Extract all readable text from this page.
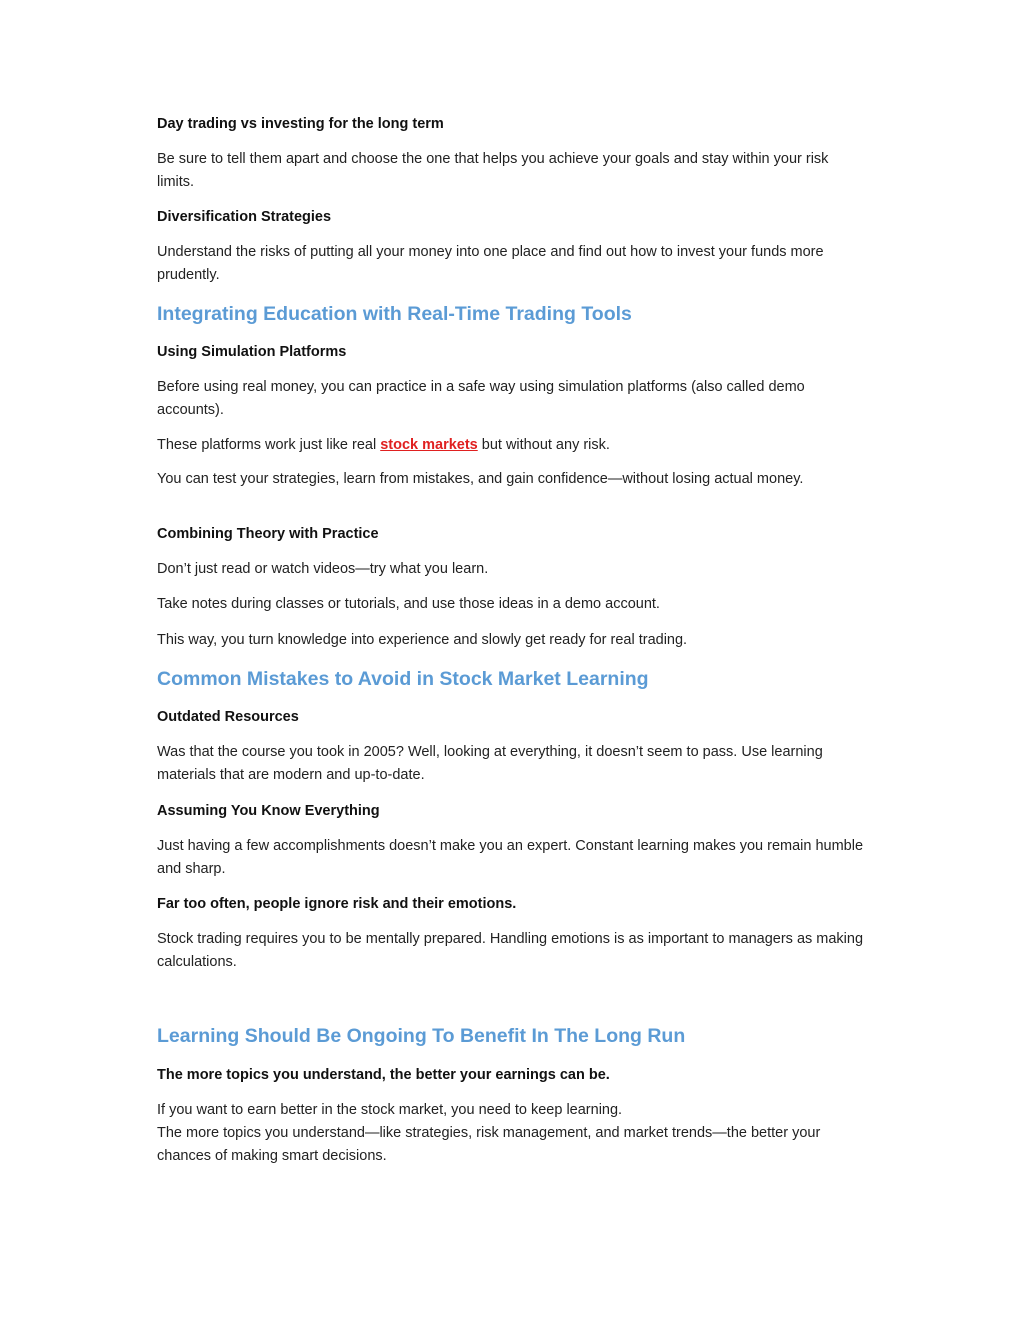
Day trading vs investing for the long term

Be sure to tell them apart and choose the one that helps you achieve your goals and stay within your risk limits.

Diversification Strategies

Understand the risks of putting all your money into one place and find out how to invest your funds more prudently.

Integrating Education with Real-Time Trading Tools

Using Simulation Platforms

Before using real money, you can practice in a safe way using simulation platforms (also called demo accounts).

These platforms work just like real stock markets but without any risk.

You can test your strategies, learn from mistakes, and gain confidence—without losing actual money.

Combining Theory with Practice

Don’t just read or watch videos—try what you learn.

Take notes during classes or tutorials, and use those ideas in a demo account.

This way, you turn knowledge into experience and slowly get ready for real trading.

Common Mistakes to Avoid in Stock Market Learning

Outdated Resources

Was that the course you took in 2005? Well, looking at everything, it doesn’t seem to pass. Use learning materials that are modern and up-to-date.

Assuming You Know Everything

Just having a few accomplishments doesn’t make you an expert. Constant learning makes you remain humble and sharp.

Far too often, people ignore risk and their emotions.

Stock trading requires you to be mentally prepared. Handling emotions is as important to managers as making calculations.

Learning Should Be Ongoing To Benefit In The Long Run

The more topics you understand, the better your earnings can be.

If you want to earn better in the stock market, you need to keep learning.
The more topics you understand—like strategies, risk management, and market trends—the better your chances of making smart decisions.
